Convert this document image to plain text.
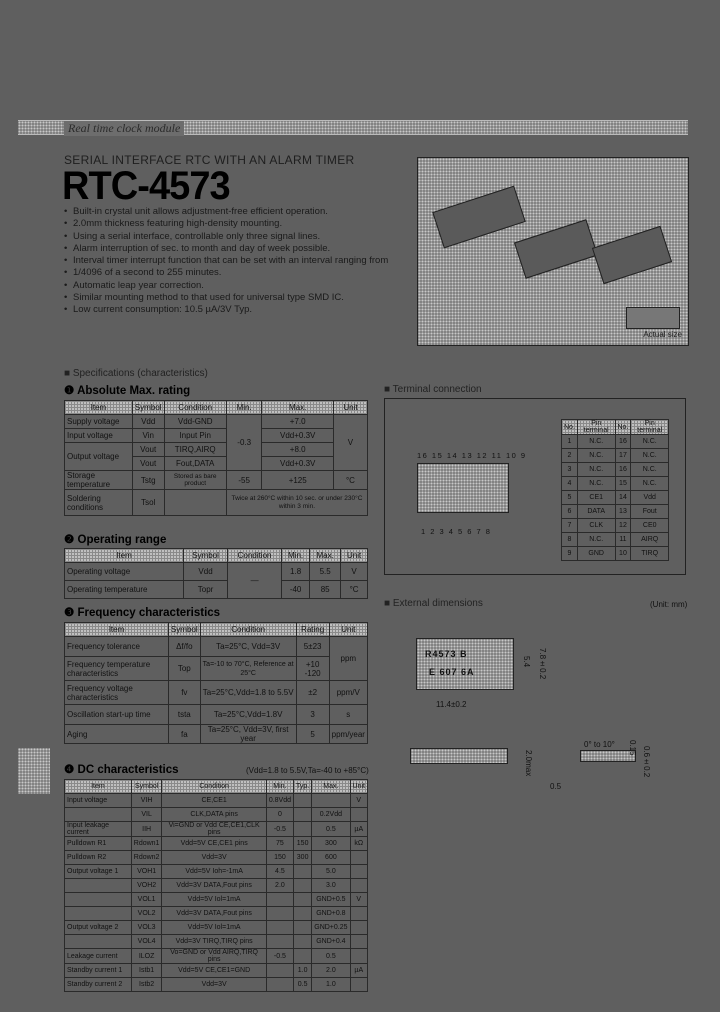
Real time clock module
SERIAL INTERFACE RTC WITH AN ALARM TIMER
RTC-4573
• Built-in crystal unit allows adjustment-free efficient operation.
• 2.0mm thickness featuring high-density mounting.
• Using a serial interface, controllable only three signal lines.
• Alarm interruption of sec. to month and day of week possible.
• Interval timer interrupt function that can be set with an interval ranging from
• 1/4096 of a second to 255 minutes.
• Automatic leap year correction.
• Similar mounting method to that used for universal type SMD IC.
• Low current consumption: 10.5 µA/3V Typ.
Actual size
■ Specifications (characteristics)
❶ Absolute Max. rating
Item	Symbol	Condition	Min.	Max.	Unit
Supply voltage	Vdd	Vdd-GND	-0.3	+7.0	V
Input voltage	Vin	Input Pin		Vdd+0.3V	
Output voltage	Vout	TIRQ,AIRQ		+8.0	
	Vout	Fout,DATA		Vdd+0.3V	
Storage temperature	Tstg	Stored as bare product	-55	+125	°C
Soldering conditions	Tsol		Twice at 260°C within 10 sec. or under 230°C within 3 min.		
❷ Operating range
Item	Symbol	Condition	Min.	Max.	Unit
Operating voltage	Vdd	—	1.8	5.5	V
Operating temperature	Topr		-40	85	°C
❸ Frequency characteristics
Item	Symbol	Condition	Rating	Unit
Frequency tolerance	Δf/fo	Ta=25°C, Vdd=3V	5±23	ppm
Frequency temperature characteristics	Top	Ta=-10 to 70°C, Reference at 25°C	+10 -120	
Frequency voltage characteristics	fv	Ta=25°C,Vdd=1.8 to 5.5V	±2	ppm/V
Oscillation start-up time	tsta	Ta=25°C,Vdd=1.8V	3	s
Aging	fa	Ta=25°C, Vdd=3V, first year	5	ppm/year
❹ DC characteristics	(Vdd=1.8 to 5.5V,Ta=-40 to +85°C)
Item	Symbol	Condition	Min.	Typ.	Max.	Unit
Input voltage	VIH	CE,CE1	0.8Vdd			V
	VIL	CLK,DATA pins	0		0.2Vdd	
Input leakage current	IIH	Vi=GND or Vdd CE,CE1,CLK pins	-0.5		0.5	µA
Pulldown R1	Rdown1	Vdd=5V CE,CE1 pins	75	150	300	kΩ
Pulldown R2	Rdown2	Vdd=3V	150	300	600	
Output voltage 1	VOH1	Vdd=5V Ioh=-1mA	4.5		5.0	
	VOH2	Vdd=3V DATA,Fout pins	2.0		3.0	
	VOL1	Vdd=5V Iol=1mA			GND+0.5	V
	VOL2	Vdd=3V DATA,Fout pins			GND+0.8	
Output voltage 2	VOL3	Vdd=5V Iol=1mA			GND+0.25	
	VOL4	Vdd=3V TIRQ,TIRQ pins			GND+0.4	
Leakage current	ILOZ	Vo=GND or Vdd AIRQ,TIRQ pins	-0.5		0.5	
Standby current 1	Istb1	Vdd=5V CE,CE1=GND		1.0	2.0	µA
Standby current 2	Istb2	Vdd=3V		0.5	1.0	
■ Terminal connection
16 15 14 13 12 11 10 9
1 2 3 4 5 6 7 8
No.	Pin terminal	No.	Pin terminal
1	N.C.	16	N.C.
2	N.C.	17	N.C.
3	N.C.	16	N.C.
4	N.C.	15	N.C.
5	CE1	14	Vdd
6	DATA	13	Fout
7	CLK	12	CE0
8	N.C.	11	AIRQ
9	GND	10	TIRQ
■ External dimensions	(Unit: mm)
R4573 B
E 607 6A
11.4±0.2
5.4 7.8±0.2
2.0max
0° to 10°
0.5
0.15 0.6±0.2
